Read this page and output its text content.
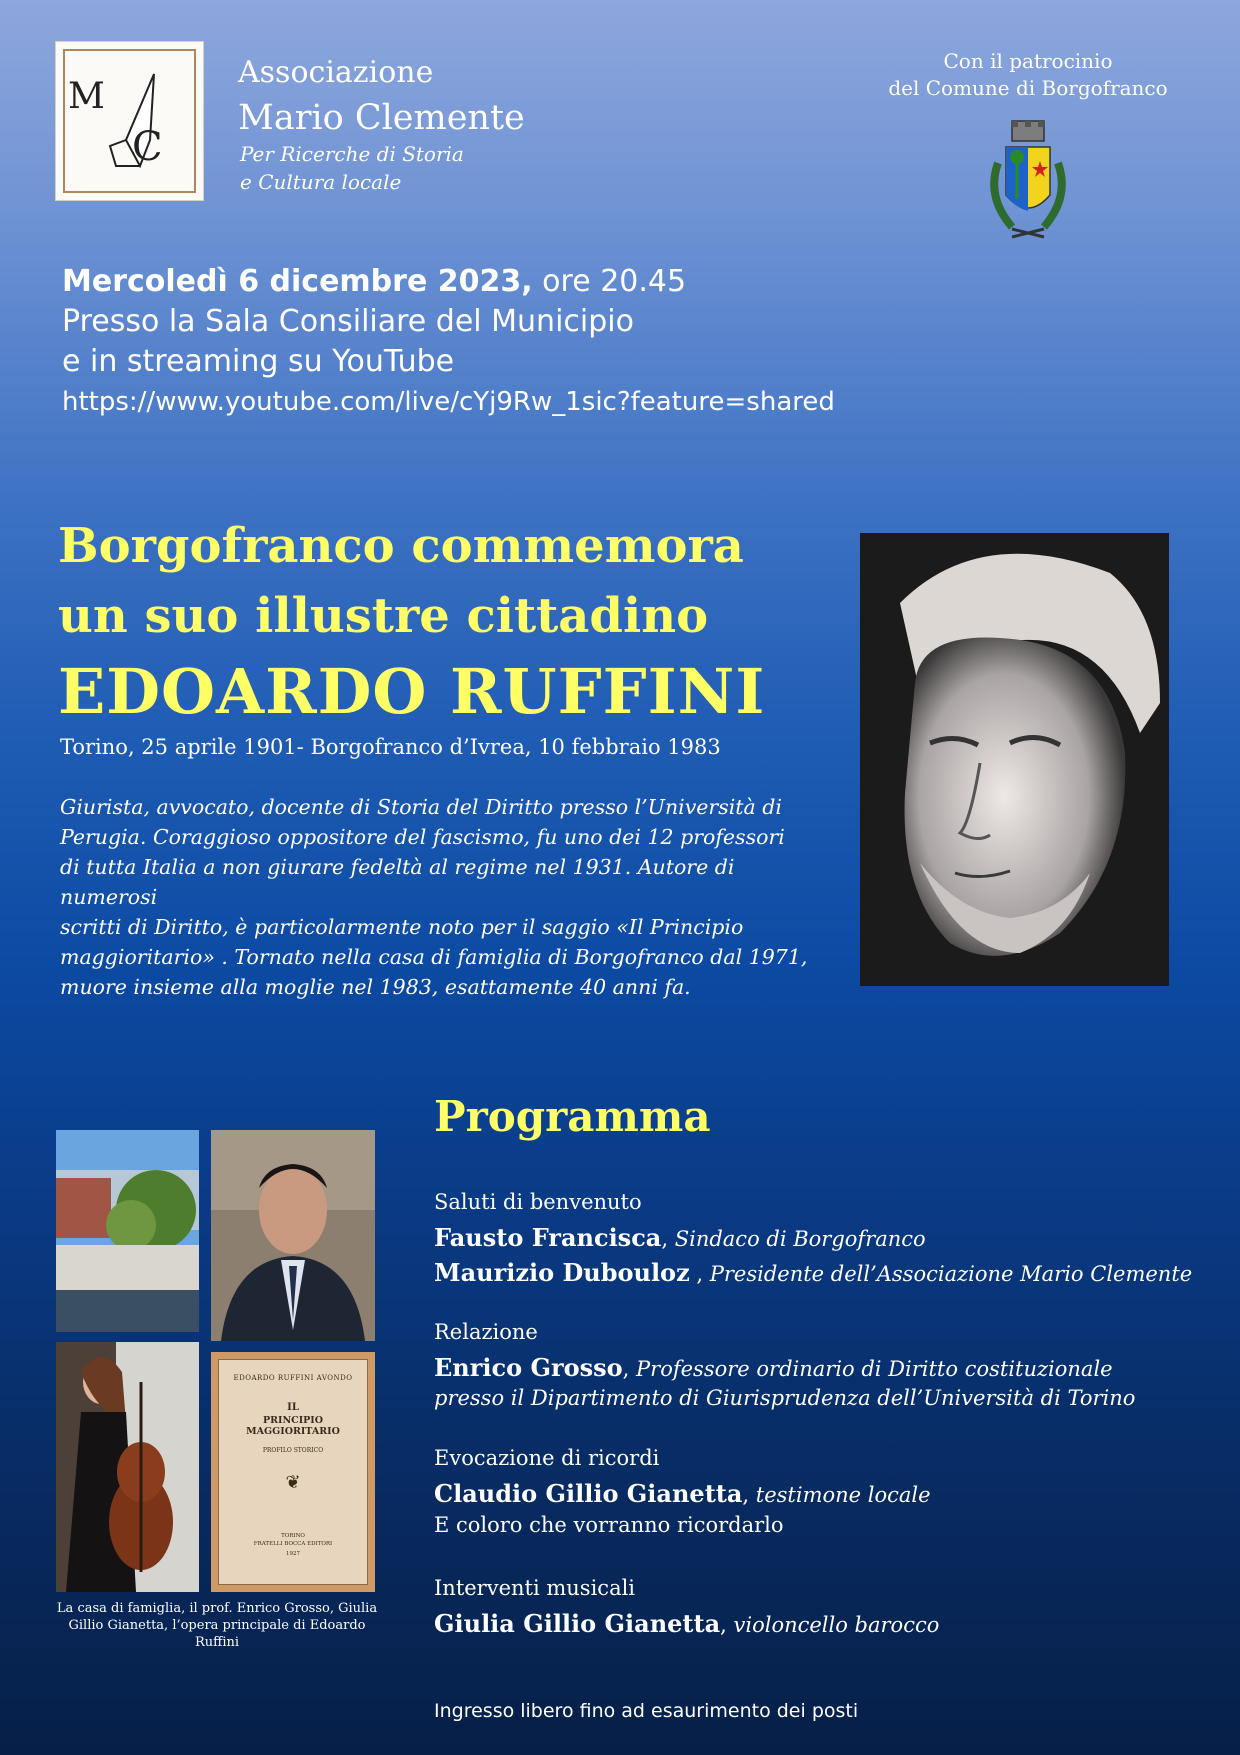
M
C
Associazione
Mario Clemente
Per Ricerche di Storia
e Cultura locale
Con il patrocinio
del Comune di Borgofranco
Mercoledì 6 dicembre 2023, ore 20.45
Presso la Sala Consiliare del Municipio
e in streaming su YouTube
https://www.youtube.com/live/cYj9Rw_1sic?feature=shared
Borgofranco commemora
un suo illustre cittadino
EDOARDO RUFFINI
Torino, 25 aprile 1901- Borgofranco d’Ivrea, 10 febbraio 1983
Giurista, avvocato, docente di Storia del Diritto presso l’Università di
Perugia. Coraggioso oppositore del fascismo, fu uno dei 12 professori
di tutta Italia a non giurare fedeltà al regime nel 1931. Autore di numerosi
scritti di Diritto, è particolarmente noto per il saggio «Il Principio
maggioritario» . Tornato nella casa di famiglia di Borgofranco dal 1971,
muore insieme alla moglie nel 1983, esattamente 40 anni fa.
Programma
Saluti di benvenuto
Fausto Francisca, Sindaco di Borgofranco
Maurizio Dubouloz , Presidente dell’Associazione Mario Clemente
Relazione
Enrico Grosso, Professore ordinario di Diritto costituzionale
presso il Dipartimento di Giurisprudenza dell’Università di Torino
Evocazione di ricordi
Claudio Gillio Gianetta, testimone locale
E coloro che vorranno ricordarlo
Interventi musicali
Giulia Gillio Gianetta, violoncello barocco
EDOARDO RUFFINI AVONDO
IL
PRINCIPIO MAGGIORITARIO
PROFILO STORICO
❦
TORINO
FRATELLI BOCCA EDITORI
1927
La casa di famiglia, il prof. Enrico Grosso, Giulia
Gillio Gianetta, l’opera principale di Edoardo Ruffini
Ingresso libero fino ad esaurimento dei posti
